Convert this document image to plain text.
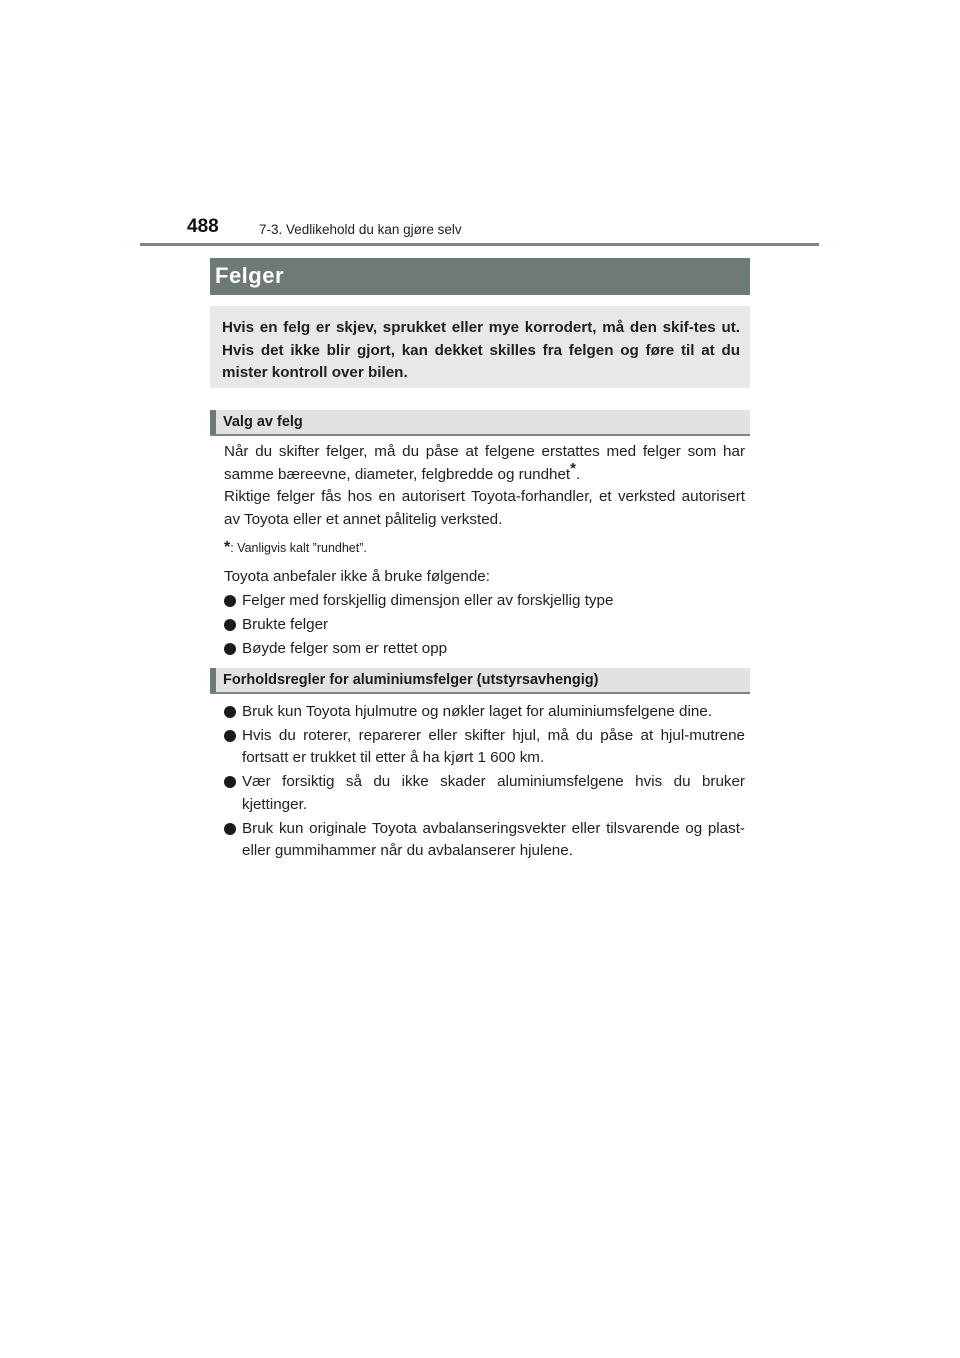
488	7-3. Vedlikehold du kan gjøre selv
Felger

Hvis en felg er skjev, sprukket eller mye korrodert, må den skif-tes ut. Hvis det ikke blir gjort, kan dekket skilles fra felgen og føre til at du mister kontroll over bilen.

Valg av felg

Når du skifter felger, må du påse at felgene erstattes med felger som har samme bæreevne, diameter, felgbredde og rundhet*.

Riktige felger fås hos en autorisert Toyota-forhandler, et verksted autorisert av Toyota eller et annet pålitelig verksted.

*: Vanligvis kalt ”rundhet”.

Toyota anbefaler ikke å bruke følgende:

Felger med forskjellig dimensjon eller av forskjellig type
Brukte felger
Bøyde felger som er rettet opp
Forholdsregler for aluminiumsfelger (utstyrsavhengig)
Bruk kun Toyota hjulmutre og nøkler laget for aluminiumsfelgene dine.
Hvis du roterer, reparerer eller skifter hjul, må du påse at hjul-mutrene fortsatt er trukket til etter å ha kjørt 1 600 km.
Vær forsiktig så du ikke skader aluminiumsfelgene hvis du bruker kjettinger.
Bruk kun originale Toyota avbalanseringsvekter eller tilsvarende og plast- eller gummihammer når du avbalanserer hjulene.
